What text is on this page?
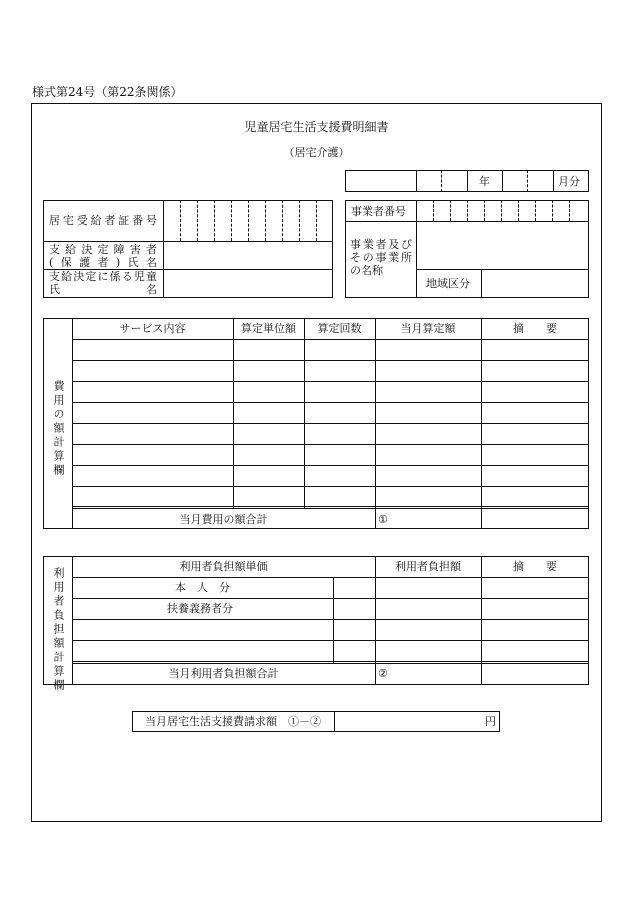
様式第24号（第22条関係）
児童居宅生活支援費明細書
（居宅介護）
年	月分
居宅受給者証番号
支給決定障害者
(保護者)氏名
支給決定に係る児童
氏　　　　　名
事業者番号
事業者及び
その事業所
の名称
地域区分
費用の額計算欄
サービス内容	算定単位額	算定回数	当月算定額	摘　　要
当月費用の額合計	①
利用者負担額計算欄
利用者負担額単価	利用者負担額	摘　　要
本　人　分
扶養義務者分
当月利用者負担額合計	②
当月居宅生活支援費請求額　①－②	円
